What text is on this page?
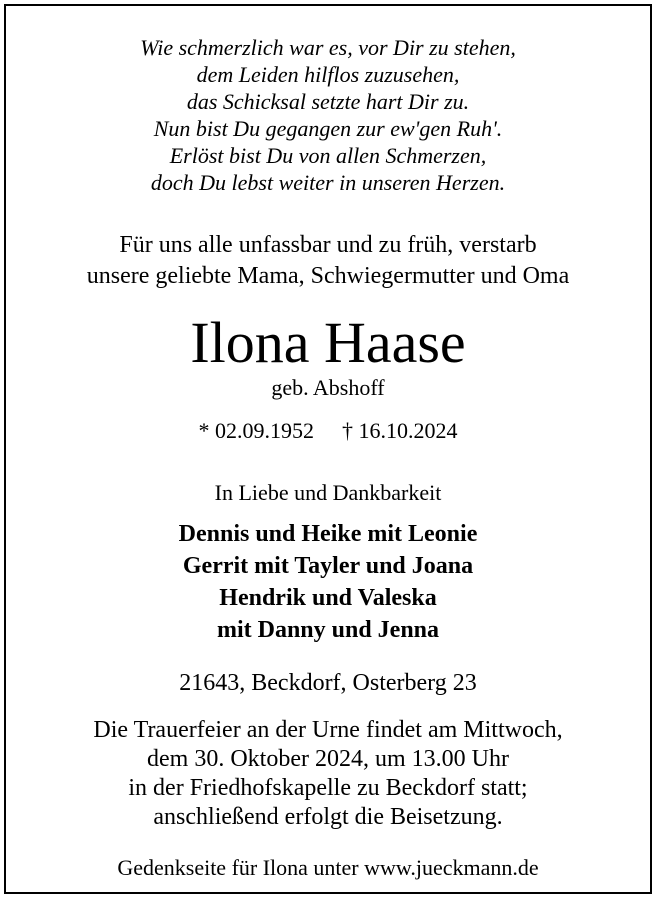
Wie schmerzlich war es, vor Dir zu stehen,
dem Leiden hilflos zuzusehen,
das Schicksal setzte hart Dir zu.
Nun bist Du gegangen zur ew'gen Ruh'.
Erlöst bist Du von allen Schmerzen,
doch Du lebst weiter in unseren Herzen.
Für uns alle unfassbar und zu früh, verstarb
unsere geliebte Mama, Schwiegermutter und Oma
Ilona Haase
geb. Abshoff
* 02.09.1952 † 16.10.2024
In Liebe und Dankbarkeit
Dennis und Heike mit Leonie
Gerrit mit Tayler und Joana
Hendrik und Valeska
mit Danny und Jenna
21643, Beckdorf, Osterberg 23
Die Trauerfeier an der Urne findet am Mittwoch,
dem 30. Oktober 2024, um 13.00 Uhr
in der Friedhofskapelle zu Beckdorf statt;
anschließend erfolgt die Beisetzung.
Gedenkseite für Ilona unter www.jueckmann.de
